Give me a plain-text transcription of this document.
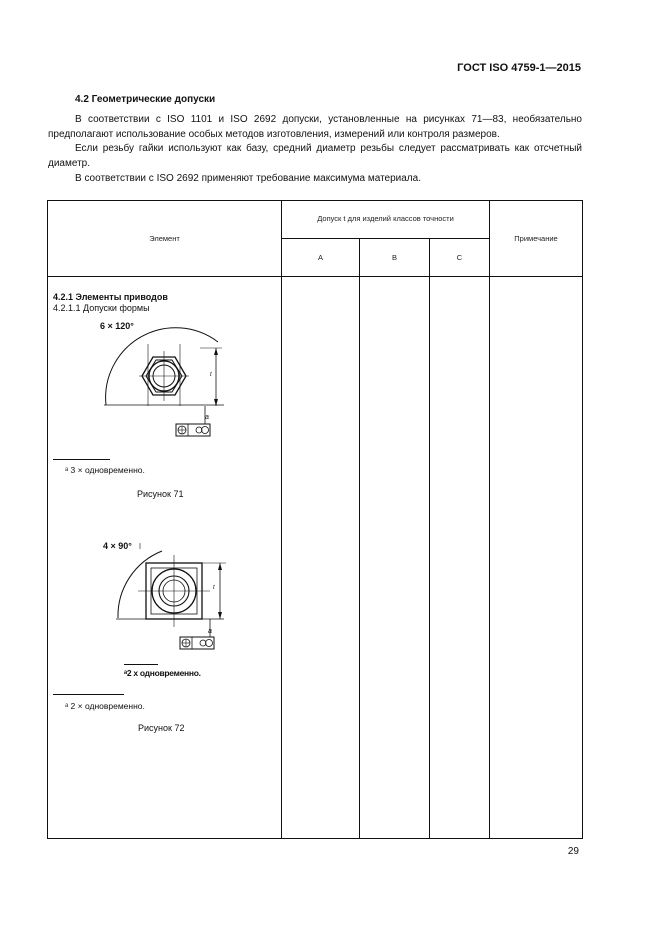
ГОСТ ISO 4759-1—2015
4.2 Геометрические допуски
В соответствии с ISO 1101 и ISO 2692 допуски, установленные на рисунках 71—83, необязательно предполагают использование особых методов изготовления, измерений или контроля размеров.
Если резьбу гайки используют как базу, средний диаметр резьбы следует рассматривать как отсчетный диаметр.
В соответствии с ISO 2692 применяют требование максимума материала.
Элемент
Допуск t для изделий классов точности
Примечание
A	B	C
4.2.1 Элементы приводов
4.2.1.1 Допуски формы
6 × 120°
t
a
ᵃ 3 × одновременно.
Рисунок 71
4 × 90°
t
a
ᵃ2 x одновременно.
ᵃ 2 × одновременно.
Рисунок 72
29
